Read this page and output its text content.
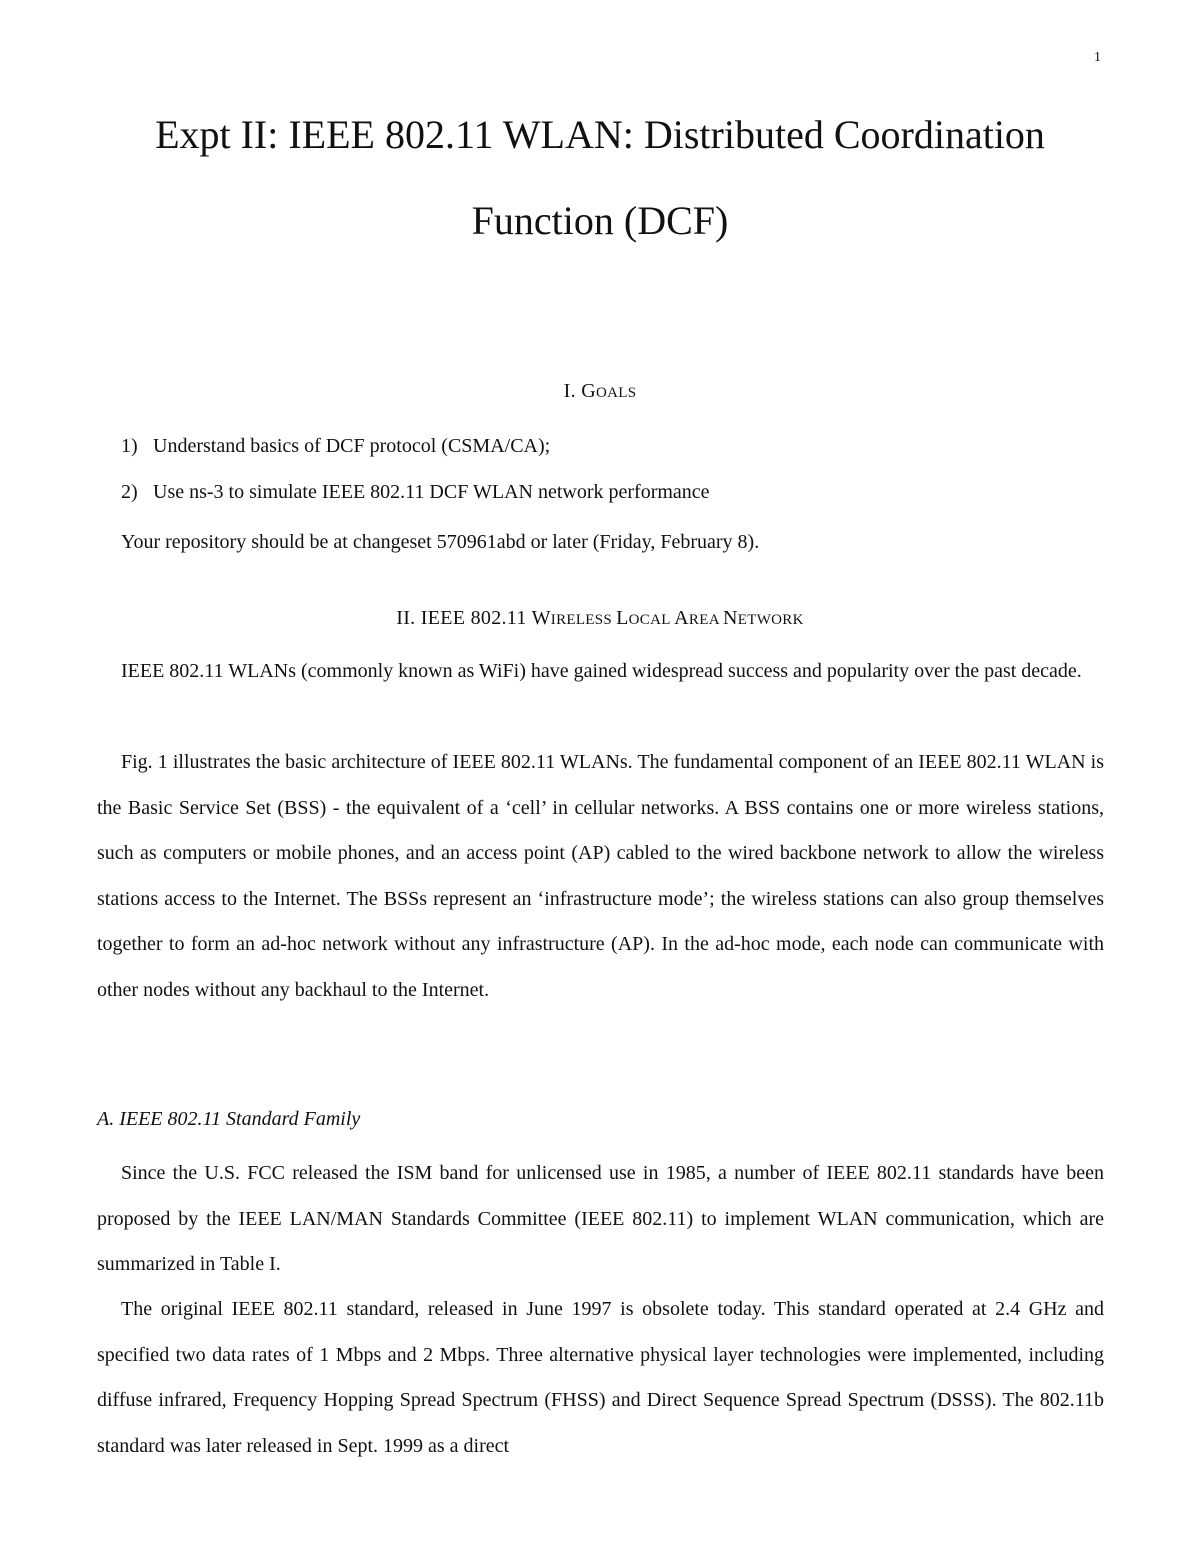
1
Expt II: IEEE 802.11 WLAN: Distributed Coordination
Function (DCF)
I. GOALS

1) Understand basics of DCF protocol (CSMA/CA);

2) Use ns-3 to simulate IEEE 802.11 DCF WLAN network performance

Your repository should be at changeset 570961abd or later (Friday, February 8).

II. IEEE 802.11 WIRELESS LOCAL AREA NETWORK

IEEE 802.11 WLANs (commonly known as WiFi) have gained widespread success and popularity over the past decade.

Fig. 1 illustrates the basic architecture of IEEE 802.11 WLANs. The fundamental component of an IEEE 802.11 WLAN is the Basic Service Set (BSS) - the equivalent of a ‘cell’ in cellular networks. A BSS contains one or more wireless stations, such as computers or mobile phones, and an access point (AP) cabled to the wired backbone network to allow the wireless stations access to the Internet. The BSSs represent an ‘infrastructure mode’; the wireless stations can also group themselves together to form an ad-hoc network without any infrastructure (AP). In the ad-hoc mode, each node can communicate with other nodes without any backhaul to the Internet.

A. IEEE 802.11 Standard Family

Since the U.S. FCC released the ISM band for unlicensed use in 1985, a number of IEEE 802.11 standards have been proposed by the IEEE LAN/MAN Standards Committee (IEEE 802.11) to implement WLAN communication, which are summarized in Table I.

The original IEEE 802.11 standard, released in June 1997 is obsolete today. This standard operated at 2.4 GHz and specified two data rates of 1 Mbps and 2 Mbps. Three alternative physical layer technologies were implemented, including diffuse infrared, Frequency Hopping Spread Spectrum (FHSS) and Direct Sequence Spread Spectrum (DSSS). The 802.11b standard was later released in Sept. 1999 as a direct
